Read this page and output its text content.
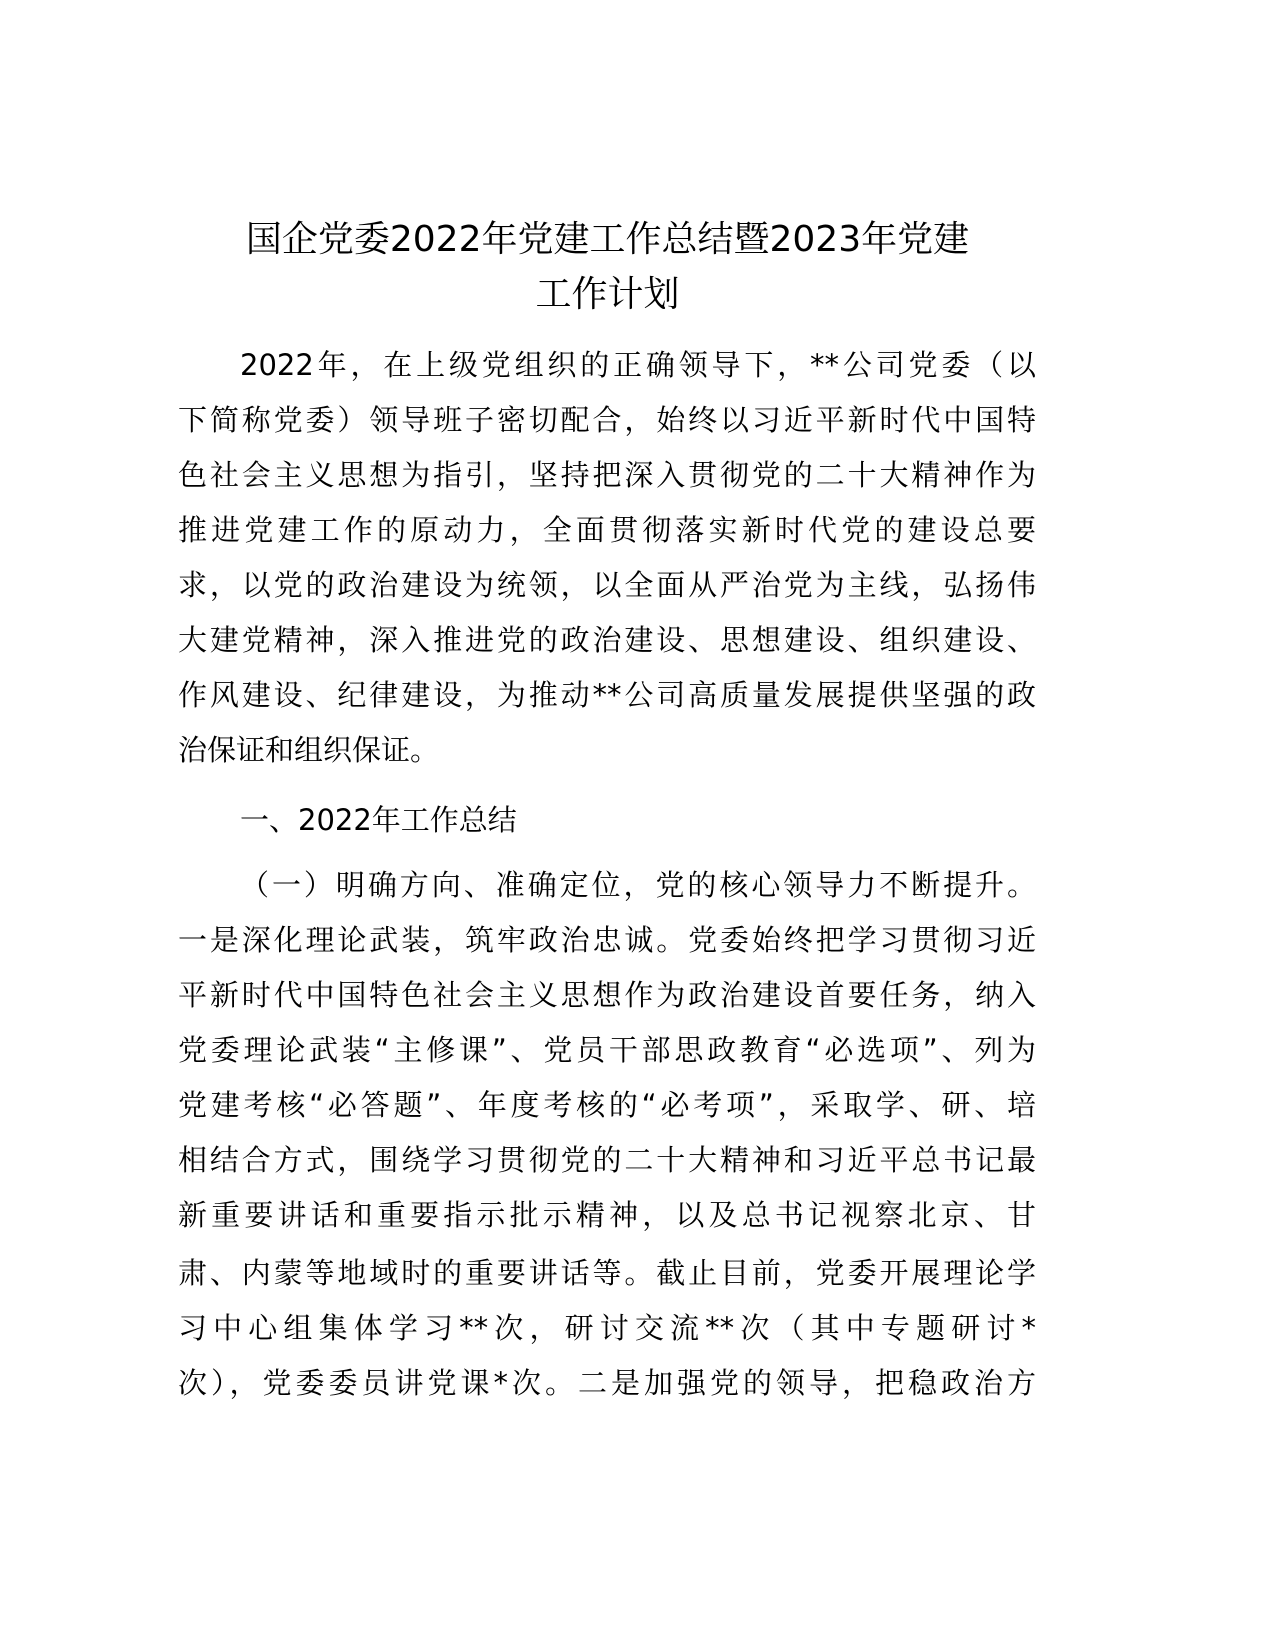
国企党委2022年党建工作总结暨2023年党建
工作计划
2022年，在上级党组织的正确领导下，**公司党委（以
下简称党委）领导班子密切配合，始终以习近平新时代中国特
色社会主义思想为指引，坚持把深入贯彻党的二十大精神作为
推进党建工作的原动力，全面贯彻落实新时代党的建设总要
求，以党的政治建设为统领，以全面从严治党为主线，弘扬伟
大建党精神，深入推进党的政治建设、思想建设、组织建设、
作风建设、纪律建设，为推动**公司高质量发展提供坚强的政
治保证和组织保证。
一、2022年工作总结
（一）明确方向、准确定位，党的核心领导力不断提升。
一是深化理论武装，筑牢政治忠诚。党委始终把学习贯彻习近
平新时代中国特色社会主义思想作为政治建设首要任务，纳入
党委理论武装“主修课”、党员干部思政教育“必选项”、列为
党建考核“必答题”、年度考核的“必考项”，采取学、研、培
相结合方式，围绕学习贯彻党的二十大精神和习近平总书记最
新重要讲话和重要指示批示精神，以及总书记视察北京、甘
肃、内蒙等地域时的重要讲话等。截止目前，党委开展理论学
习中心组集体学习**次，研讨交流**次（其中专题研讨*
次），党委委员讲党课*次。二是加强党的领导，把稳政治方
